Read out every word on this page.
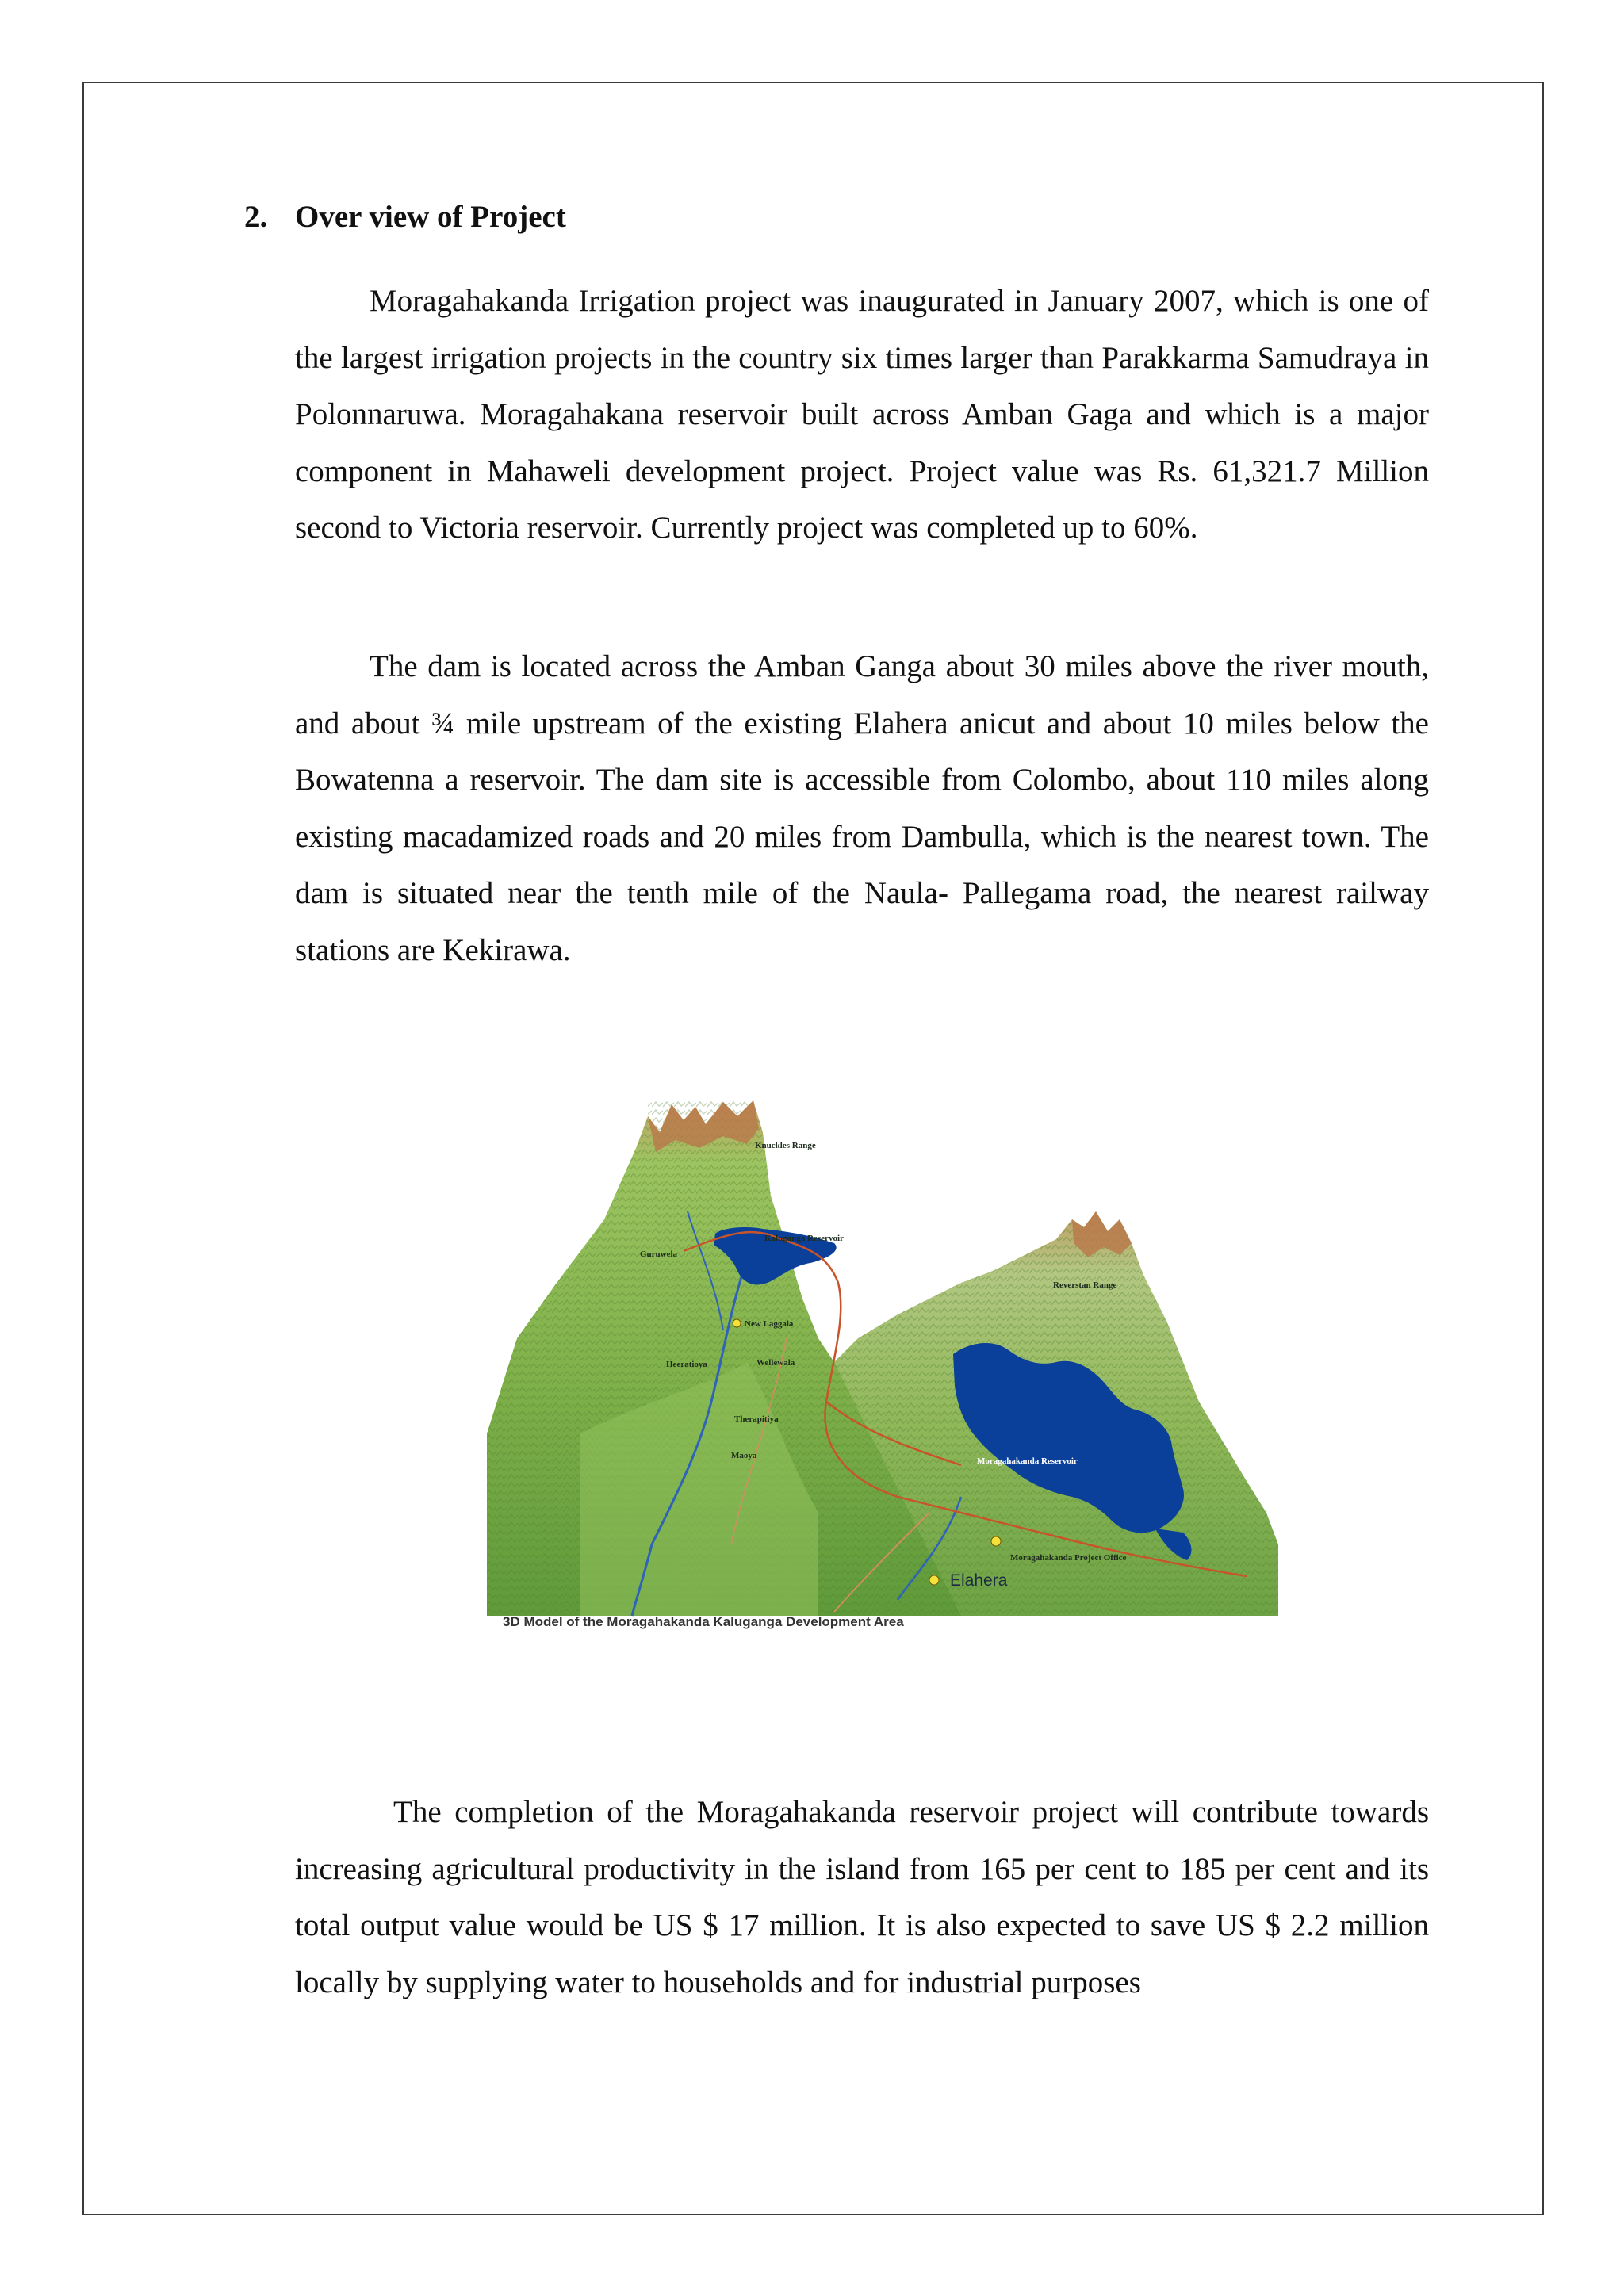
2. Over view of Project

Moragahakanda Irrigation project was inaugurated in January 2007, which is one of the largest irrigation projects in the country six times larger than Parakkarma Samudraya in Polonnaruwa. Moragahakana reservoir built across Amban Gaga and which is a major component in Mahaweli development project. Project value was Rs. 61,321.7 Million second to Victoria reservoir. Currently project was completed up to 60%.

The dam is located across the Amban Ganga about 30 miles above the river mouth, and about ¾ mile upstream of the existing Elahera anicut and about 10 miles below the Bowatenna a reservoir. The dam site is accessible from Colombo, about 110 miles along existing macadamized roads and 20 miles from Dambulla, which is the nearest town. The dam is situated near the tenth mile of the Naula- Pallegama road, the nearest railway stations are Kekirawa.

Knuckles Range
Kaluganga Reservoir
Guruwela
New Laggala
Heeratioya	Wellewala
Therapitiya
Maoya
Reverstan Range
Moragahakanda Reservoir
Moragahakanda Project Office
Elahera
3D Model of the Moragahakanda Kaluganga Development Area

The completion of the Moragahakanda reservoir project will contribute towards increasing agricultural productivity in the island from 165 per cent to 185 per cent and its total output value would be US $ 17 million. It is also expected to save US $ 2.2 million locally by supplying water to households and for industrial purposes
